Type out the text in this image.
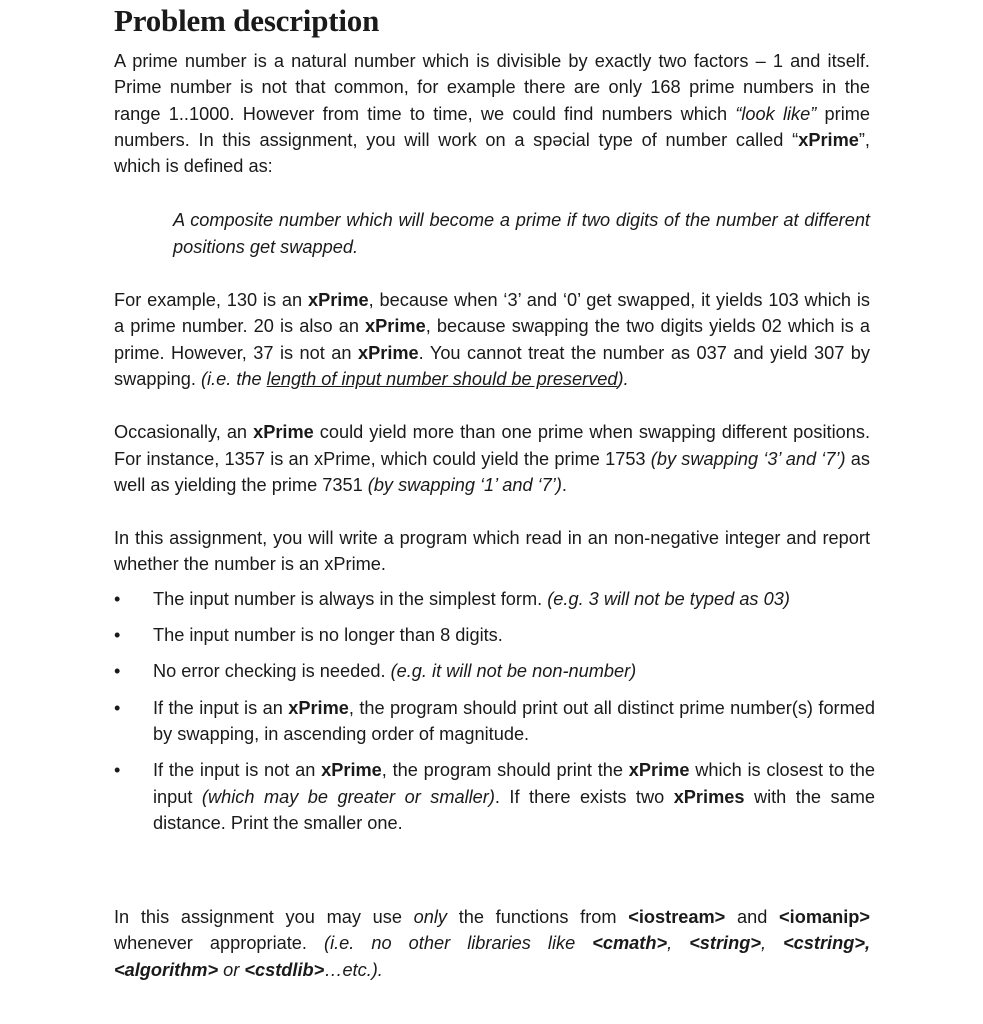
Problem description

A prime number is a natural number which is divisible by exactly two factors – 1 and itself. Prime number is not that common, for example there are only 168 prime numbers in the range 1..1000. However from time to time, we could find numbers which “look like” prime numbers. In this assignment, you will work on a spəcial type of number called “xPrime”, which is defined as:

A composite number which will become a prime if two digits of the number at different positions get swapped.

For example, 130 is an xPrime, because when ‘3’ and ‘0’ get swapped, it yields 103 which is a prime number. 20 is also an xPrime, because swapping the two digits yields 02 which is a prime. However, 37 is not an xPrime. You cannot treat the number as 037 and yield 307 by swapping. (i.e. the length of input number should be preserved).

Occasionally, an xPrime could yield more than one prime when swapping different positions. For instance, 1357 is an xPrime, which could yield the prime 1753 (by swapping ‘3’ and ‘7’) as well as yielding the prime 7351 (by swapping ‘1’ and ‘7’).

In this assignment, you will write a program which read in an non-negative integer and report whether the number is an xPrime.

• The input number is always in the simplest form. (e.g. 3 will not be typed as 03)
• The input number is no longer than 8 digits.
• No error checking is needed. (e.g. it will not be non-number)
• If the input is an xPrime, the program should print out all distinct prime number(s) formed by swapping, in ascending order of magnitude.
• If the input is not an xPrime, the program should print the xPrime which is closest to the input (which may be greater or smaller). If there exists two xPrimes with the same distance. Print the smaller one.

In this assignment you may use only the functions from <iostream> and <iomanip> whenever appropriate. (i.e. no other libraries like <cmath>, <string>, <cstring>, <algorithm> or <cstdlib>…etc.).
